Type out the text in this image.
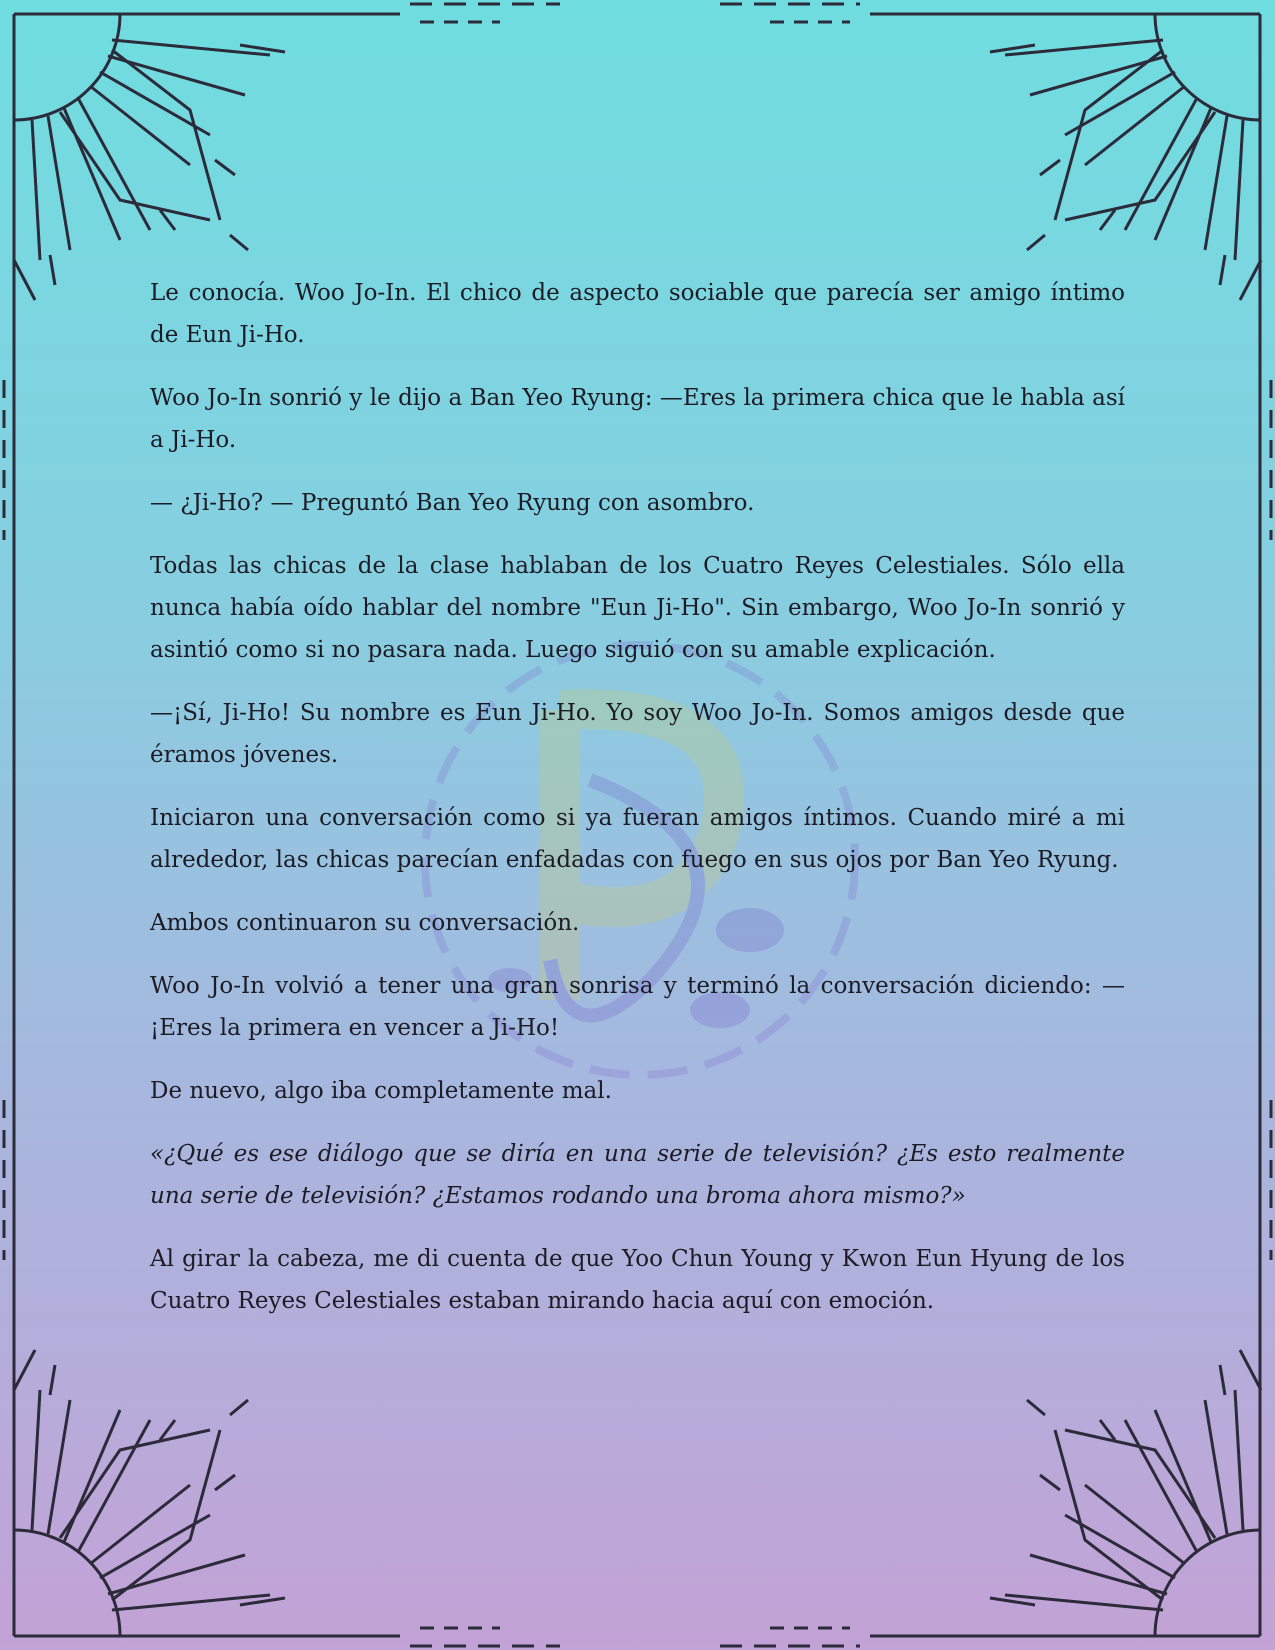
Le conocía. Woo Jo-In. El chico de aspecto sociable que parecía ser amigo íntimo de Eun Ji-Ho.

Woo Jo-In sonrió y le dijo a Ban Yeo Ryung: —Eres la primera chica que le habla así a Ji-Ho.

— ¿Ji-Ho? — Preguntó Ban Yeo Ryung con asombro.

Todas las chicas de la clase hablaban de los Cuatro Reyes Celestiales. Sólo ella nunca había oído hablar del nombre "Eun Ji-Ho". Sin embargo, Woo Jo-In sonrió y asintió como si no pasara nada. Luego siguió con su amable explicación.

—¡Sí, Ji-Ho! Su nombre es Eun Ji-Ho. Yo soy Woo Jo-In. Somos amigos desde que éramos jóvenes.

Iniciaron una conversación como si ya fueran amigos íntimos. Cuando miré a mi alrededor, las chicas parecían enfadadas con fuego en sus ojos por Ban Yeo Ryung.

Ambos continuaron su conversación.

Woo Jo-In volvió a tener una gran sonrisa y terminó la conversación diciendo: — ¡Eres la primera en vencer a Ji-Ho!

De nuevo, algo iba completamente mal.

«¿Qué es ese diálogo que se diría en una serie de televisión? ¿Es esto realmente una serie de televisión? ¿Estamos rodando una broma ahora mismo?»

Al girar la cabeza, me di cuenta de que Yoo Chun Young y Kwon Eun Hyung de los Cuatro Reyes Celestiales estaban mirando hacia aquí con emoción.
